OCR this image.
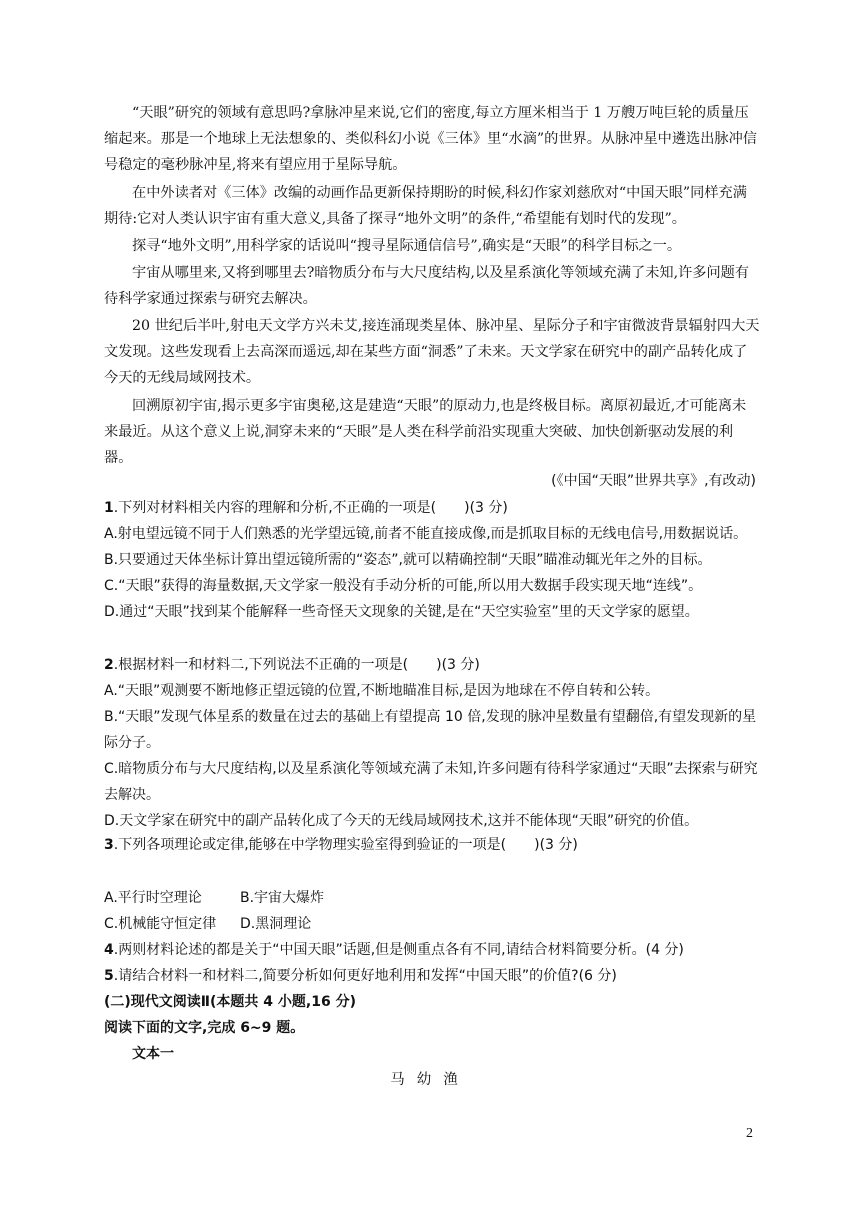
“天眼”研究的领域有意思吗?拿脉冲星来说,它们的密度,每立方厘米相当于 1 万艘万吨巨轮的质量压缩起来。那是一个地球上无法想象的、类似科幻小说《三体》里“水滴”的世界。从脉冲星中遴选出脉冲信号稳定的毫秒脉冲星,将来有望应用于星际导航。

在中外读者对《三体》改编的动画作品更新保持期盼的时候,科幻作家刘慈欣对“中国天眼”同样充满期待:它对人类认识宇宙有重大意义,具备了探寻“地外文明”的条件,“希望能有划时代的发现”。

探寻“地外文明”,用科学家的话说叫“搜寻星际通信信号”,确实是“天眼”的科学目标之一。

宇宙从哪里来,又将到哪里去?暗物质分布与大尺度结构,以及星系演化等领域充满了未知,许多问题有待科学家通过探索与研究去解决。

20 世纪后半叶,射电天文学方兴未艾,接连涌现类星体、脉冲星、星际分子和宇宙微波背景辐射四大天文发现。这些发现看上去高深而遥远,却在某些方面“洞悉”了未来。天文学家在研究中的副产品转化成了今天的无线局域网技术。

回溯原初宇宙,揭示更多宇宙奥秘,这是建造“天眼”的原动力,也是终极目标。离原初最近,才可能离未来最近。从这个意义上说,洞穿未来的“天眼”是人类在科学前沿实现重大突破、加快创新驱动发展的利器。

(《中国“天眼”世界共享》,有改动)
1.下列对材料相关内容的理解和分析,不正确的一项是(　　)(3 分)
A.射电望远镜不同于人们熟悉的光学望远镜,前者不能直接成像,而是抓取目标的无线电信号,用数据说话。
B.只要通过天体坐标计算出望远镜所需的“姿态”,就可以精确控制“天眼”瞄准动辄光年之外的目标。
C.“天眼”获得的海量数据,天文学家一般没有手动分析的可能,所以用大数据手段实现天地“连线”。
D.通过“天眼”找到某个能解释一些奇怪天文现象的关键,是在“天空实验室”里的天文学家的愿望。
2.根据材料一和材料二,下列说法不正确的一项是(　　)(3 分)
A.“天眼”观测要不断地修正望远镜的位置,不断地瞄准目标,是因为地球在不停自转和公转。
B.“天眼”发现气体星系的数量在过去的基础上有望提高 10 倍,发现的脉冲星数量有望翻倍,有望发现新的星际分子。
C.暗物质分布与大尺度结构,以及星系演化等领域充满了未知,许多问题有待科学家通过“天眼”去探索与研究去解决。
D.天文学家在研究中的副产品转化成了今天的无线局域网技术,这并不能体现“天眼”研究的价值。
3.下列各项理论或定律,能够在中学物理实验室得到验证的一项是(　　)(3 分)
A.平行时空理论	B.宇宙大爆炸
C.机械能守恒定律 D.黑洞理论
4.两则材料论述的都是关于“中国天眼”话题,但是侧重点各有不同,请结合材料简要分析。(4 分)
5.请结合材料一和材料二,简要分析如何更好地利用和发挥“中国天眼”的价值?(6 分)
(二)现代文阅读Ⅱ(本题共 4 小题,16 分)
阅读下面的文字,完成 6~9 题。
文本一
马幼渔
2
